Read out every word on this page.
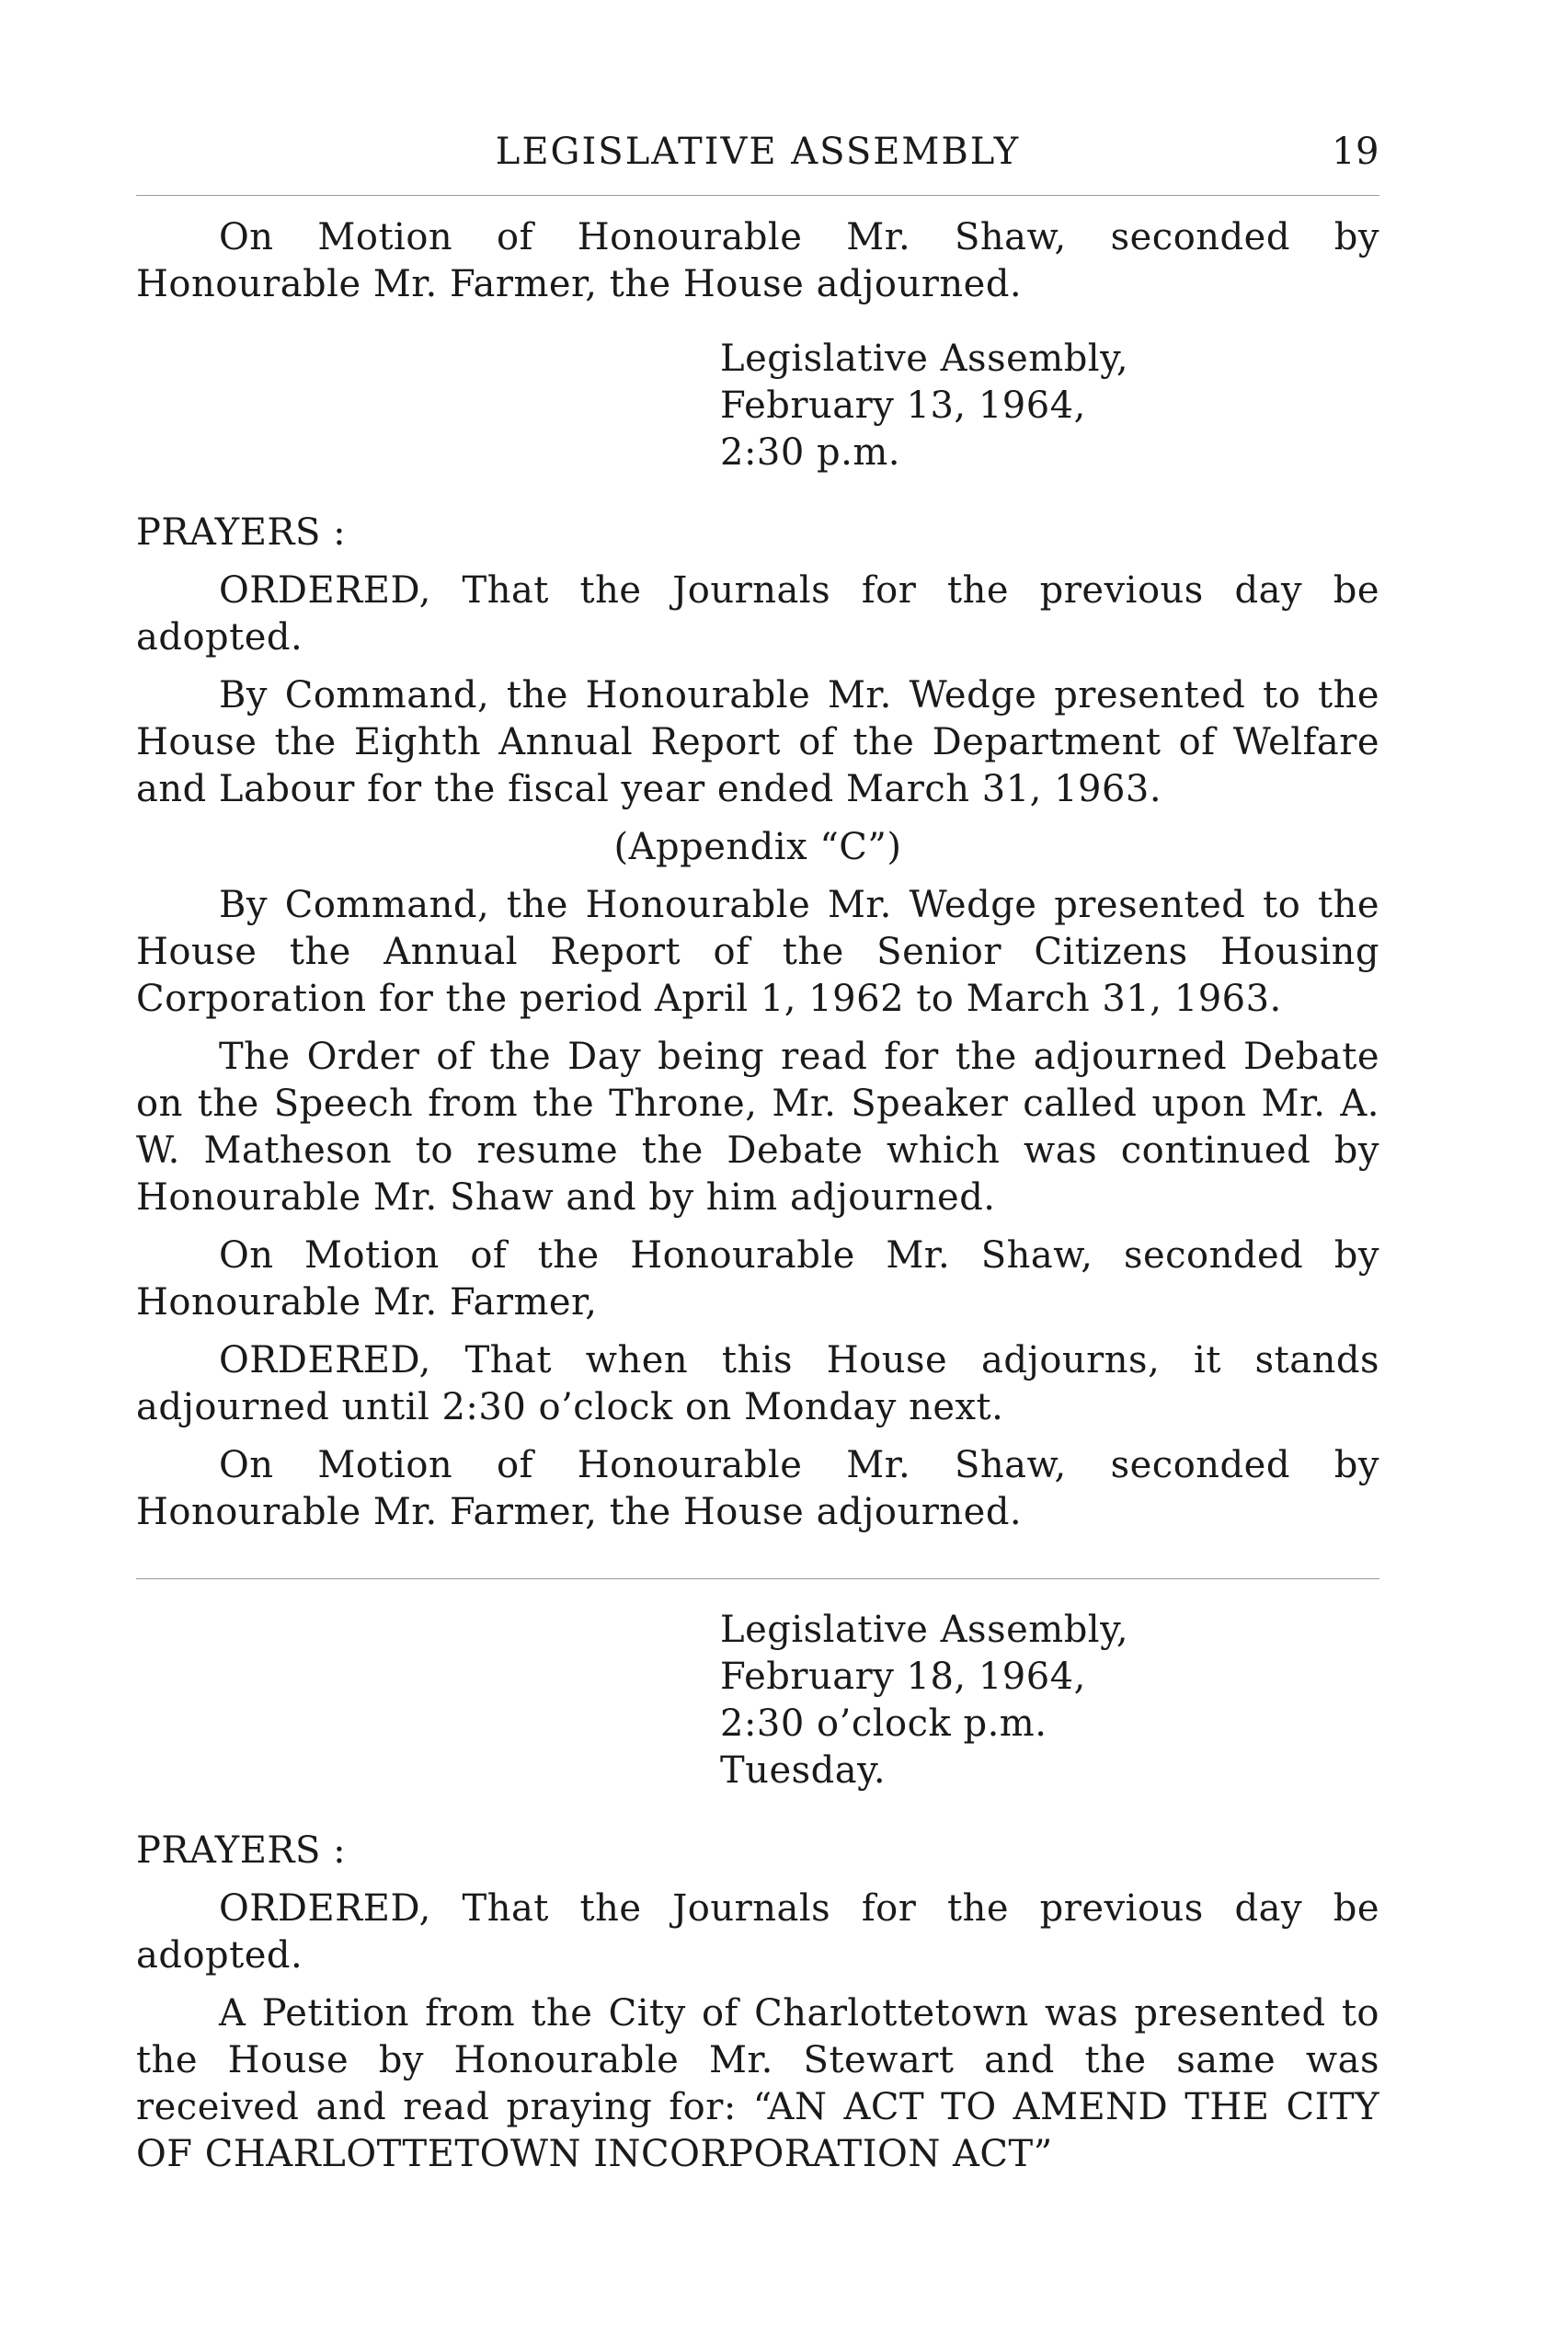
LEGISLATIVE ASSEMBLY	19

On Motion of Honourable Mr. Shaw, seconded by Honourable Mr. Farmer, the House adjourned.

Legislative Assembly,
February 13, 1964,
2:30 p.m.

PRAYERS :

ORDERED, That the Journals for the previous day be adopted.

By Command, the Honourable Mr. Wedge presented to the House the Eighth Annual Report of the Department of Welfare and Labour for the fiscal year ended March 31, 1963.

(Appendix “C”)

By Command, the Honourable Mr. Wedge presented to the House the Annual Report of the Senior Citizens Housing Corporation for the period April 1, 1962 to March 31, 1963.

The Order of the Day being read for the adjourned Debate on the Speech from the Throne, Mr. Speaker called upon Mr. A. W. Matheson to resume the Debate which was continued by Honourable Mr. Shaw and by him adjourned.

On Motion of the Honourable Mr. Shaw, seconded by Honourable Mr. Farmer,

ORDERED, That when this House adjourns, it stands adjourned until 2:30 o’clock on Monday next.

On Motion of Honourable Mr. Shaw, seconded by Honourable Mr. Farmer, the House adjourned.

Legislative Assembly,
February 18, 1964,
2:30 o’clock p.m.
Tuesday.

PRAYERS :

ORDERED, That the Journals for the previous day be adopted.

A Petition from the City of Charlottetown was presented to the House by Honourable Mr. Stewart and the same was received and read praying for: “AN ACT TO AMEND THE CITY OF CHARLOTTETOWN INCORPORATION ACT”
